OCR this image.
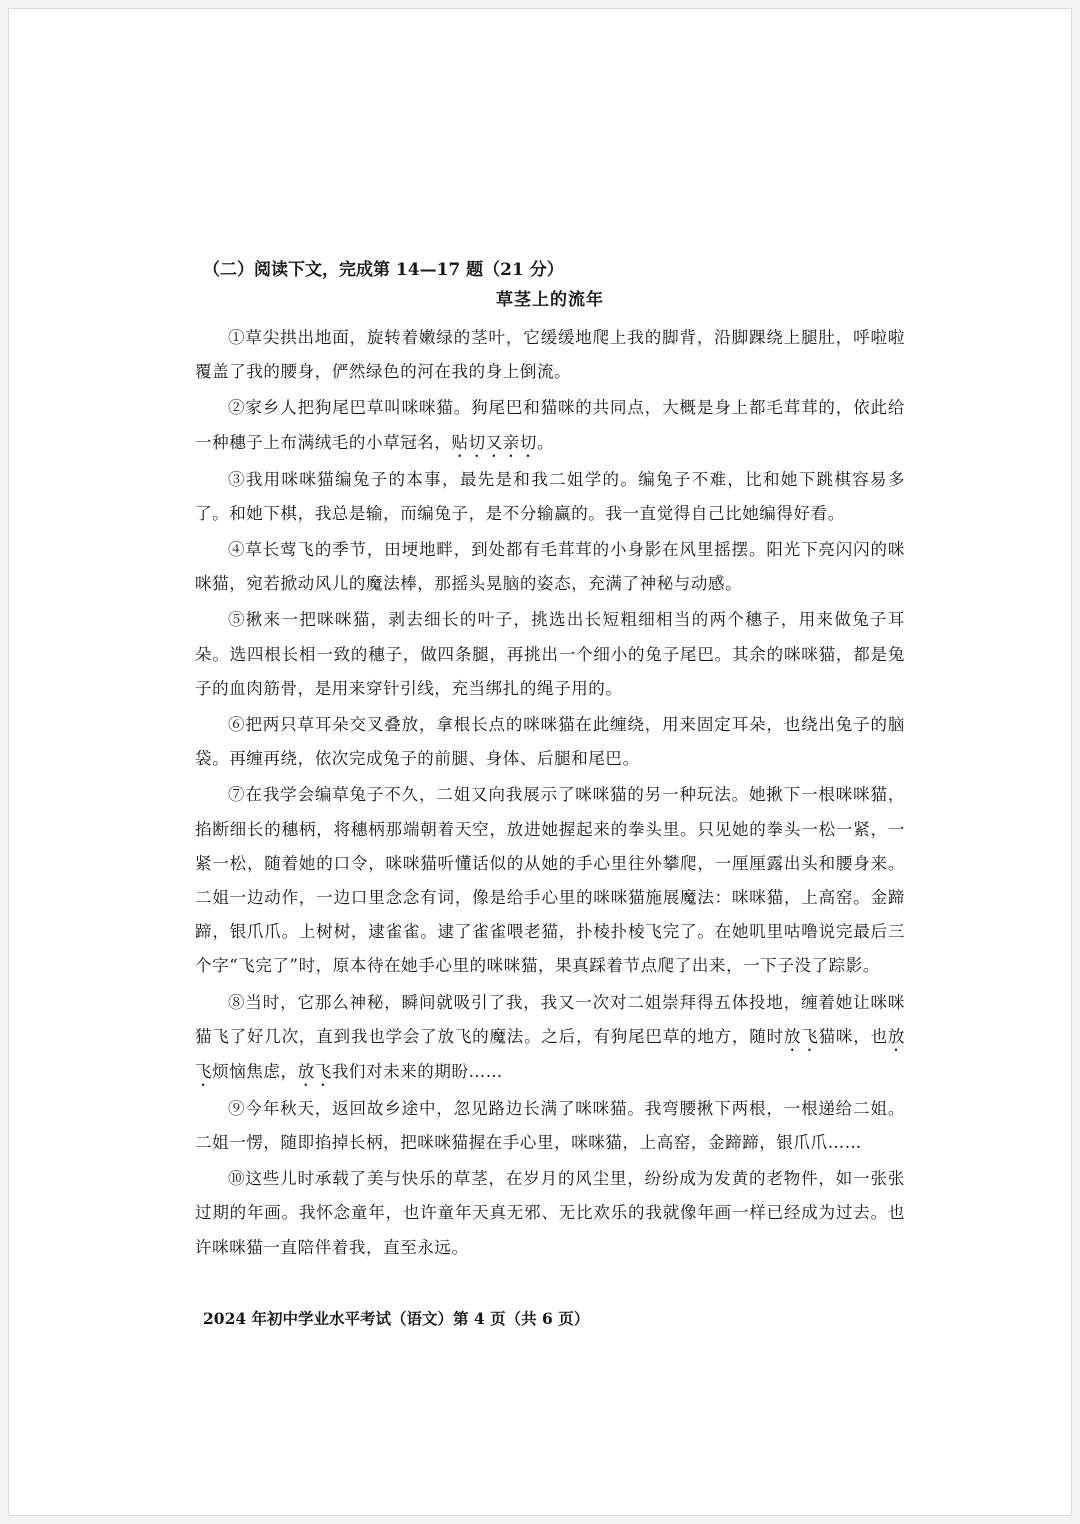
（二）阅读下文，完成第 14—17 题（21 分）
草茎上的流年

①草尖拱出地面，旋转着嫩绿的茎叶，它缓缓地爬上我的脚背，沿脚踝绕上腿肚，呼啦啦覆盖了我的腰身，俨然绿色的河在我的身上倒流。

②家乡人把狗尾巴草叫咪咪猫。狗尾巴和猫咪的共同点，大概是身上都毛茸茸的，依此给一种穗子上布满绒毛的小草冠名，贴切又亲切。

③我用咪咪猫编兔子的本事，最先是和我二姐学的。编兔子不难，比和她下跳棋容易多了。和她下棋，我总是输，而编兔子，是不分输赢的。我一直觉得自己比她编得好看。

④草长莺飞的季节，田埂地畔，到处都有毛茸茸的小身影在风里摇摆。阳光下亮闪闪的咪咪猫，宛若掀动风儿的魔法棒，那摇头晃脑的姿态，充满了神秘与动感。

⑤揪来一把咪咪猫，剥去细长的叶子，挑选出长短粗细相当的两个穗子，用来做兔子耳朵。选四根长相一致的穗子，做四条腿，再挑出一个细小的兔子尾巴。其余的咪咪猫，都是兔子的血肉筋骨，是用来穿针引线，充当绑扎的绳子用的。

⑥把两只草耳朵交叉叠放，拿根长点的咪咪猫在此缠绕，用来固定耳朵，也绕出兔子的脑袋。再缠再绕，依次完成兔子的前腿、身体、后腿和尾巴。

⑦在我学会编草兔子不久，二姐又向我展示了咪咪猫的另一种玩法。她揪下一根咪咪猫，掐断细长的穗柄，将穗柄那端朝着天空，放进她握起来的拳头里。只见她的拳头一松一紧，一紧一松，随着她的口令，咪咪猫听懂话似的从她的手心里往外攀爬，一厘厘露出头和腰身来。二姐一边动作，一边口里念念有词，像是给手心里的咪咪猫施展魔法：咪咪猫，上高窑。金蹄蹄，银爪爪。上树树，逮雀雀。逮了雀雀喂老猫，扑棱扑棱飞完了。在她叽里咕噜说完最后三个字“飞完了”时，原本待在她手心里的咪咪猫，果真踩着节点爬了出来，一下子没了踪影。

⑧当时，它那么神秘，瞬间就吸引了我，我又一次对二姐崇拜得五体投地，缠着她让咪咪猫飞了好几次，直到我也学会了放飞的魔法。之后，有狗尾巴草的地方，随时放飞猫咪，也放飞烦恼焦虑，放飞我们对未来的期盼……

⑨今年秋天，返回故乡途中，忽见路边长满了咪咪猫。我弯腰揪下两根，一根递给二姐。二姐一愣，随即掐掉长柄，把咪咪猫握在手心里，咪咪猫，上高窑，金蹄蹄，银爪爪……

⑩这些儿时承载了美与快乐的草茎，在岁月的风尘里，纷纷成为发黄的老物件，如一张张过期的年画。我怀念童年，也许童年天真无邪、无比欢乐的我就像年画一样已经成为过去。也许咪咪猫一直陪伴着我，直至永远。

2024 年初中学业水平考试（语文）第 4 页（共 6 页）
